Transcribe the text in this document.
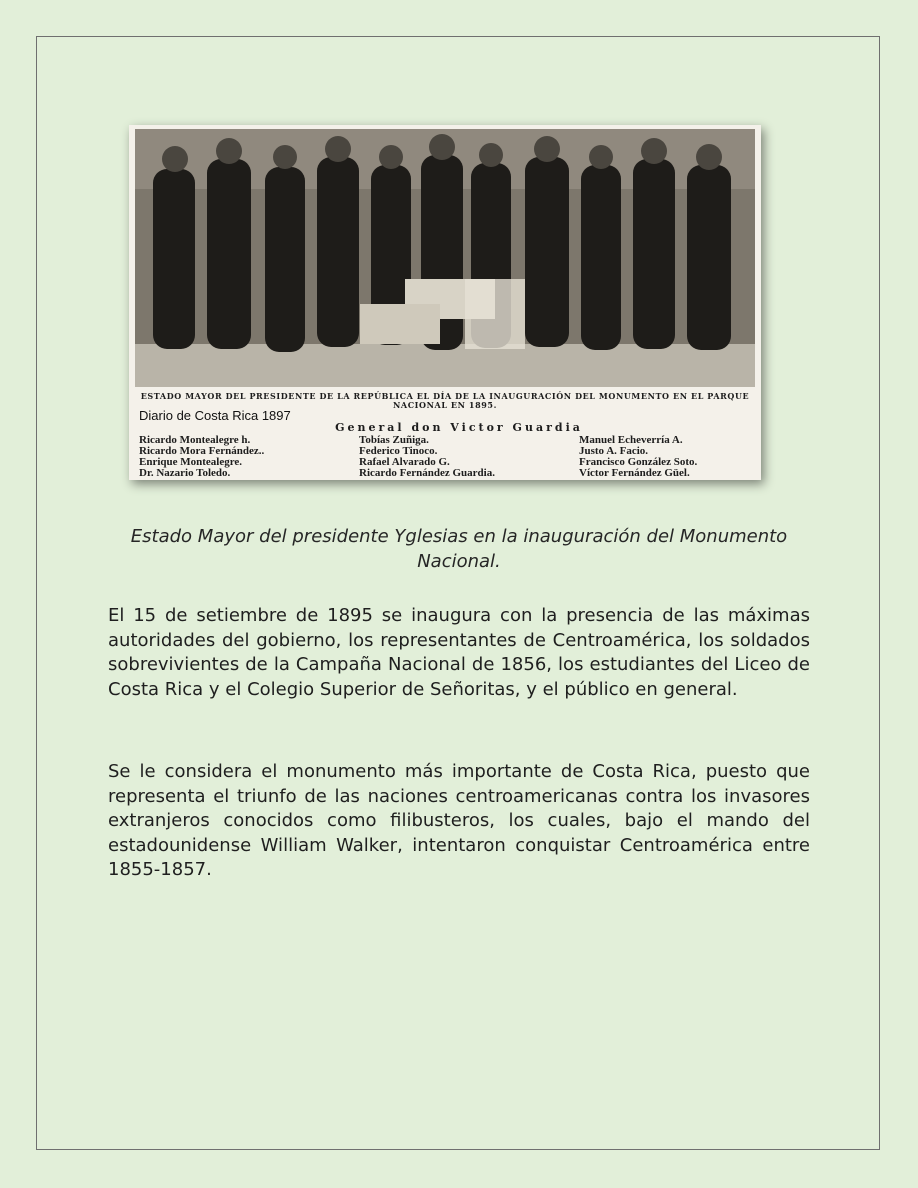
ESTADO MAYOR DEL PRESIDENTE DE LA REPÚBLICA EL DÍA DE LA INAUGURACIÓN DEL MONUMENTO EN EL PARQUE NACIONAL EN 1895.
Diario de Costa Rica 1897
General don Victor Guardia
Ricardo Montealegre h.
Ricardo Mora Fernández..
Enrique Montealegre.
Dr. Nazario Toledo.
Tobías Zuñiga.
Federico Tinoco.
Rafael Alvarado G.
Ricardo Fernández Guardia.
Manuel Echeverría A.
Justo A. Facio.
Francisco González Soto.
Víctor Fernández Güel.
Estado Mayor del presidente Yglesias en la inauguración del Monumento Nacional.
El 15 de setiembre de 1895 se inaugura con la presencia de las máximas autoridades del gobierno, los representantes de Centroamérica, los soldados sobrevivientes de la Campaña Nacional de 1856, los estudiantes del Liceo de Costa Rica y el Colegio Superior de Señoritas, y el público en general.
Se le considera el monumento más importante de Costa Rica, puesto que representa el triunfo de las naciones centroamericanas contra los invasores extranjeros conocidos como filibusteros, los cuales, bajo el mando del estadounidense William Walker, intentaron conquistar Centroamérica entre 1855-1857.
